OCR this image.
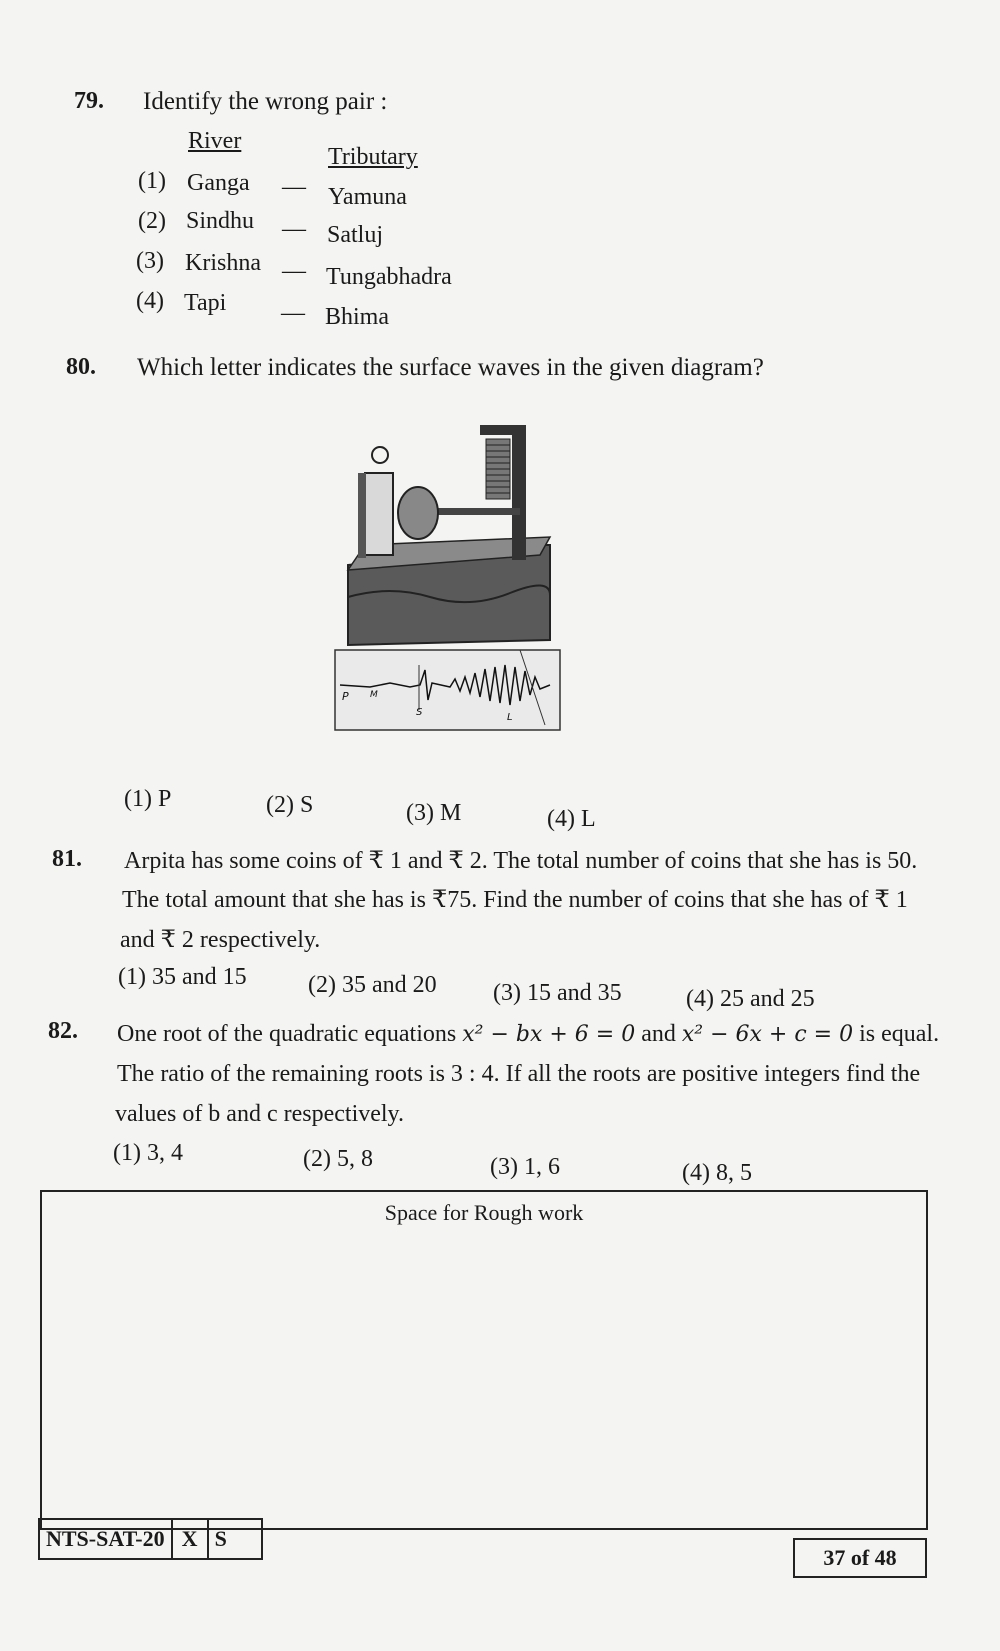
79. Identify the wrong pair :
River
Tributary
(1) Ganga — Yamuna
(2) Sindhu — Satluj
(3) Krishna — Tungabhadra
(4) Tapi — Bhima
80. Which letter indicates the surface waves in the given diagram?
P M
S	L
(1) P	(2) S	(3) M	(4) L
81. Arpita has some coins of ₹ 1 and ₹ 2. The total number of coins that she has is 50.
The total amount that she has is ₹75. Find the number of coins that she has of ₹ 1
and ₹ 2 respectively.
(1) 35 and 15	(2) 35 and 20 (3) 15 and 35	(4) 25 and 25
82. One root of the quadratic equations x² − bx + 6 = 0 and x² − 6x + c = 0 is equal.
The ratio of the remaining roots is 3 : 4. If all the roots are positive integers find the
values of b and c respectively.
(1) 3, 4	(2) 5, 8	(3) 1, 6	(4) 8, 5
Space for Rough work
NTS-SAT-20 X S
37 of 48
